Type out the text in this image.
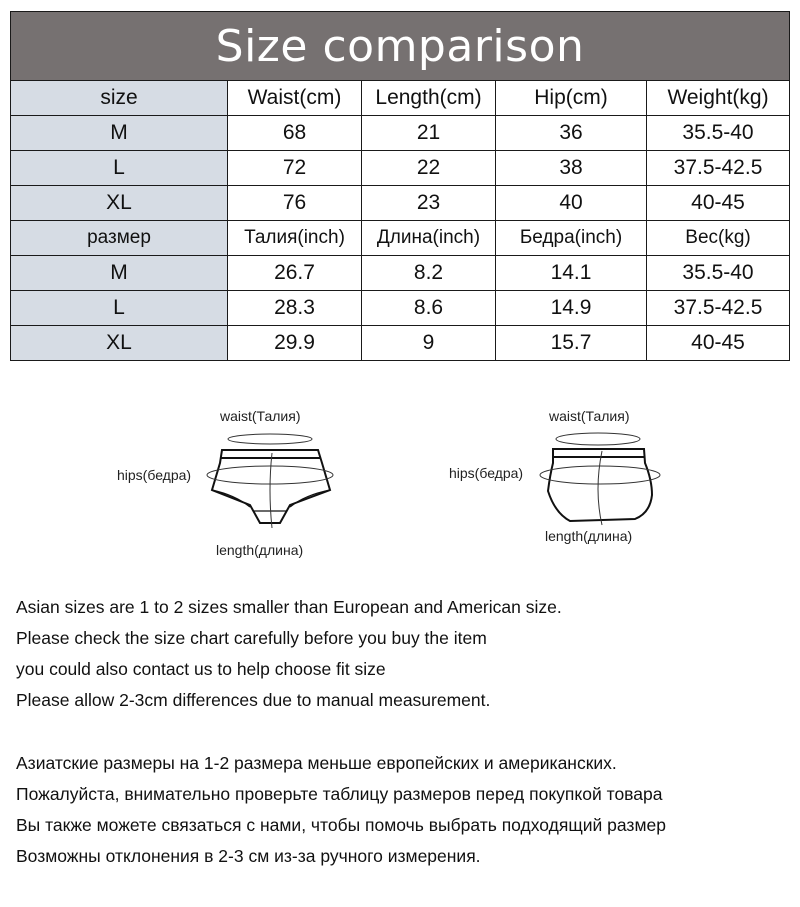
Size comparison				
size	Waist(cm)	Length(cm)	Hip(cm)	Weight(kg)
M	68	21	36	35.5-40
L	72	22	38	37.5-42.5
XL	76	23	40	40-45
размер	Талия(inch)	Длина(inch)	Бедра(inch)	Вес(kg)
M	26.7	8.2	14.1	35.5-40
L	28.3	8.6	14.9	37.5-42.5
XL	29.9	9	15.7	40-45
waist(Талия)
hips(бедра)
length(длина)
waist(Талия)
hips(бедра)
length(длина)
Asian sizes are 1 to 2 sizes smaller than European and American size.
Please check the size chart carefully before you buy the item
you could also contact us to help choose fit size
Please allow 2-3cm differences due to manual measurement.
Азиатские размеры на 1-2 размера меньше европейских и американских.
Пожалуйста, внимательно проверьте таблицу размеров перед покупкой товара
Вы также можете связаться с нами, чтобы помочь выбрать подходящий размер
Возможны отклонения в 2-3 см из-за ручного измерения.
